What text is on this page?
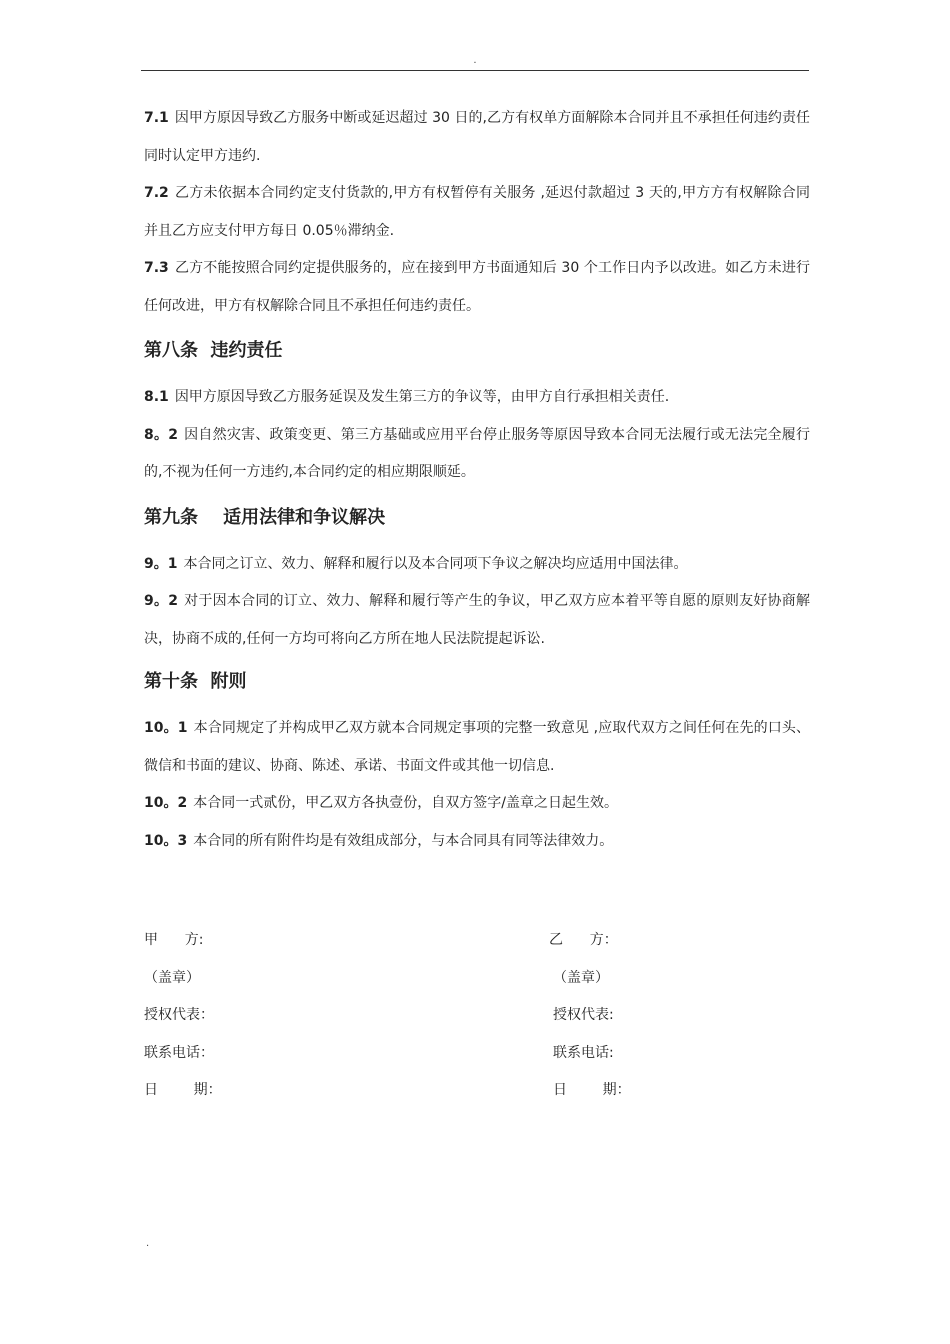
.

7.1 因甲方原因导致乙方服务中断或延迟超过 30 日的,乙方有权单方面解除本合同并且不承担任何违约责任同时认定甲方违约.

7.2 乙方未依据本合同约定支付货款的,甲方有权暂停有关服务 ,延迟付款超过 3 天的,甲方方有权解除合同并且乙方应支付甲方每日 0.05％滞纳金.

7.3 乙方不能按照合同约定提供服务的，应在接到甲方书面通知后 30 个工作日内予以改进。如乙方未进行任何改进，甲方有权解除合同且不承担任何违约责任。

第八条  违约责任

8.1 因甲方原因导致乙方服务延误及发生第三方的争议等，由甲方自行承担相关责任.

8。2 因自然灾害、政策变更、第三方基础或应用平台停止服务等原因导致本合同无法履行或无法完全履行的,不视为任何一方违约,本合同约定的相应期限顺延。

第九条    适用法律和争议解决

9。1 本合同之订立、效力、解释和履行以及本合同项下争议之解决均应适用中国法律。

9。2 对于因本合同的订立、效力、解释和履行等产生的争议，甲乙双方应本着平等自愿的原则友好协商解决，协商不成的,任何一方均可将向乙方所在地人民法院提起诉讼.

第十条  附则

10。1 本合同规定了并构成甲乙双方就本合同规定事项的完整一致意见 ,应取代双方之间任何在先的口头、微信和书面的建议、协商、陈述、承诺、书面文件或其他一切信息.

10。2 本合同一式贰份，甲乙双方各执壹份，自双方签字/盖章之日起生效。

10。3 本合同的所有附件均是有效组成部分，与本合同具有同等法律效力。

甲      方:
（盖章）
授权代表：
联系电话：
日        期：
乙      方：
（盖章）
授权代表:
联系电话:
日        期：
.
